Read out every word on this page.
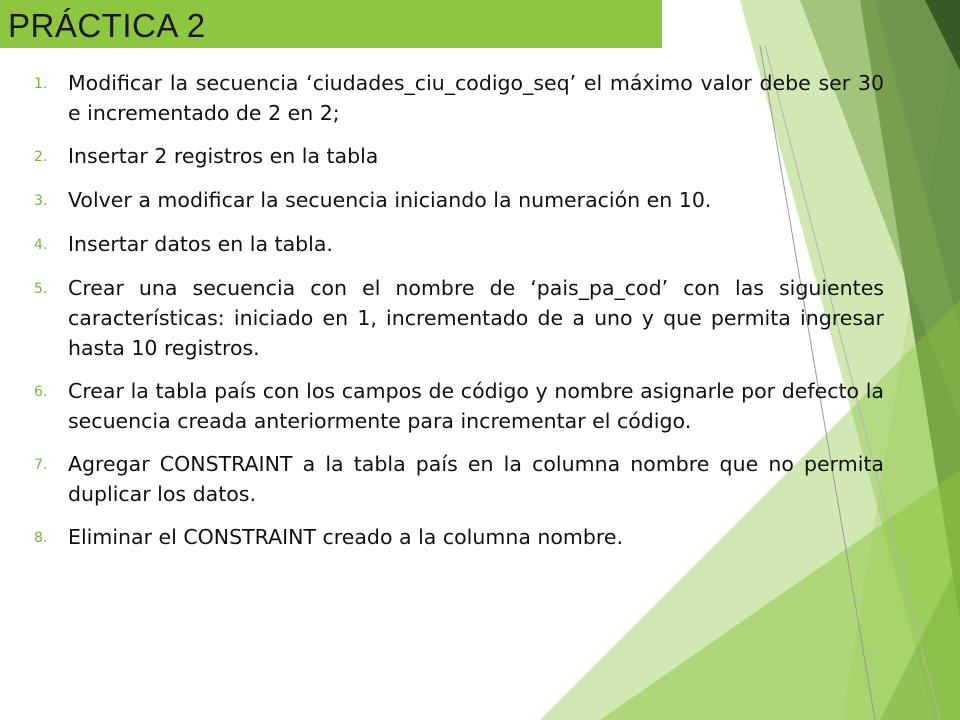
PRÁCTICA 2
1.	Modificar la secuencia ‘ciudades_ciu_codigo_seq’ el máximo valor debe ser 30 e incrementado de 2 en 2;
2.	Insertar 2 registros en la tabla
3.	Volver a modificar la secuencia iniciando la numeración en 10.
4.	Insertar datos en la tabla.
5.	Crear una secuencia con el nombre de ‘pais_pa_cod’ con las siguientes características: iniciado en 1, incrementado de a uno y que permita ingresar hasta 10 registros.
6.	Crear la tabla país con los campos de código y nombre asignarle por defecto la secuencia creada anteriormente para incrementar el código.
7.	Agregar CONSTRAINT a la tabla país en la columna nombre que no permita duplicar los datos.
8.	Eliminar el CONSTRAINT creado a la columna nombre.
